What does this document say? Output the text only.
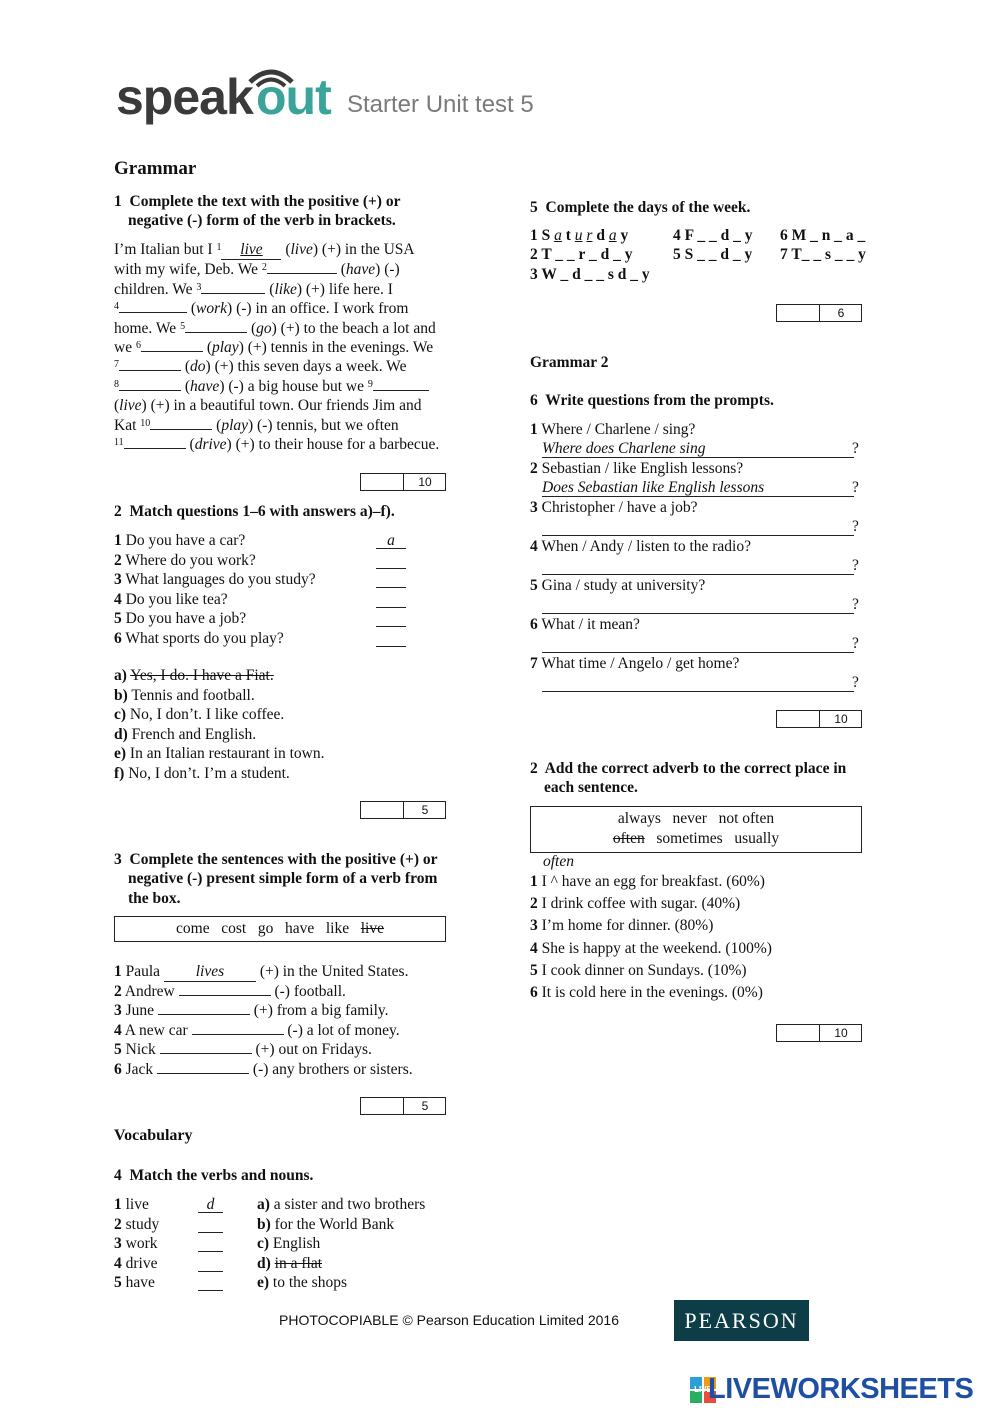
speak out Starter Unit test 5
Grammar
1 Complete the text with the positive (+) or
negative (-) form of the verb in brackets.
I’m Italian but I $^1$ live (live) (+) in the USA
with my wife, Deb. We $^2$	(have) (-)
children. We $^3$	(like) (+) life here. I
$^4$	(work) (-) in an office. I work from
home. We $^5$	(go) (+) to the beach a lot and
we $^6$	(play) (+) tennis in the evenings. We
$^7$	(do) (+) this seven days a week. We
$^8$	(have) (-) a big house but we $^9$
(live) (+) in a beautiful town. Our friends Jim and
Kat $^{10}$	(play) (-) tennis, but we often
$^{11}$	(drive) (+) to their house for a barbecue.
10
2 Match questions 1–6 with answers a)–f).
1 Do you have a car?	a
2 Where do you work?
3 What languages do you study?
4 Do you like tea?
5 Do you have a job?
6 What sports do you play?
a) Yes, I do. I have a Fiat.
b) Tennis and football.
c) No, I don’t. I like coffee.
d) French and English.
e) In an Italian restaurant in town.
f) No, I don’t. I’m a student.
5
3 Complete the sentences with the positive (+) or
negative (-) present simple form of a verb from
the box.
come cost go have like live
1 Paula lives (+) in the United States.
2 Andrew	(-) football.
3 June	(+) from a big family.
4 A new car	(-) a lot of money.
5 Nick	(+) out on Fridays.
6 Jack	(-) any brothers or sisters.
5
Vocabulary
4 Match the verbs and nouns.
1 live	d	a) a sister and two brothers
2 study	b) for the World Bank
3 work	c) English
4 drive	d) in a flat
5 have	e) to the shops
5 Complete the days of the week.
1 S a t u r d a y	4 F _ _ d _ y 6 M _ n _ a _
2 T _ _ r _ d _ y	5 S _ _ d _ y 7 T_ _ s _ _ y
3 W _ d _ _ s d _ y
6
Grammar 2
6 Write questions from the prompts.
1 Where / Charlene / sing?
Where does Charlene sing	?
2 Sebastian / like English lessons?
Does Sebastian like English lessons	?
3 Christopher / have a job?
?
4 When / Andy / listen to the radio?
?
5 Gina / study at university?
?
6 What / it mean?
?
7 What time / Angelo / get home?
?
10
2 Add the correct adverb to the correct place in
each sentence.
always never not often
often sometimes usually
often
1 I ^ have an egg for breakfast. (60%)
2 I drink coffee with sugar. (40%)
3 I’m home for dinner. (80%)
4 She is happy at the weekend. (100%)
5 I cook dinner on Sundays. (10%)
6 It is cold here in the evenings. (0%)
10
PHOTOCOPIABLE © Pearson Education Limited 2016	PEARSON
LIVE
LIVEWORKSHEETS
